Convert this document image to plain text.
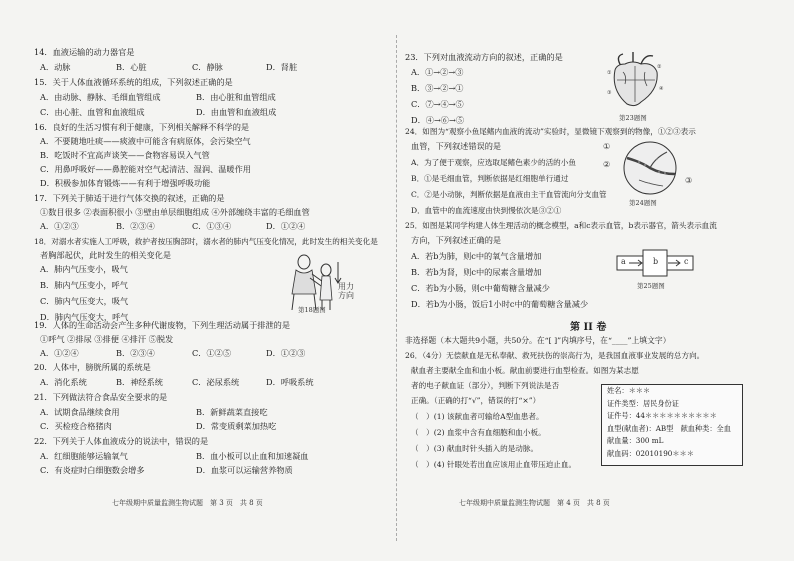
14．血液运输的动力器官是
A．动脉	B．心脏	C．静脉	D．肾脏
15．关于人体血液循环系统的组成，下列叙述正确的是
A．由动脉、静脉、毛细血管组成	B．由心脏和血管组成
C．由心脏、血管和血液组成	D．由血管和血液组成
16．良好的生活习惯有利于健康，下列相关解释不科学的是
A．不要随地吐痰——痰液中可能含有病原体，会污染空气
B．吃饭时不宜高声谈笑——食物容易误入气管
C．用鼻呼吸好——鼻腔能对空气起清洁、湿润、温暖作用
D．积极参加体育锻炼——有利于增强呼吸功能
17．下列关于肺适于进行气体交换的叙述，正确的是
①数目很多 ②表面积很小 ③壁由单层细胞组成 ④外部缠绕丰富的毛细血管
A．①②③	B．②③④	C．①③④	D．①②④
18．对溺水者实施人工呼吸，救护者按压胸部时，溺水者的肺内气压变化情况，此时发生的相关变化是
者胸部起伏，此时发生的相关变化是
A．肺内气压变小，吸气
B．肺内气压变小，呼气
C．肺内气压变大，吸气
D．肺内气压变大，呼气
用力
方向
第18题图
19．人体的生命活动会产生多种代谢废物，下列生理活动属于排泄的是
①呼气 ②排尿 ③排便 ④排汗 ⑤脱发
A．①②④	B．②③④	C．①②⑤	D．①②③
20．人体中，膀胱所属的系统是
A．消化系统	B．神经系统	C．泌尿系统	D．呼吸系统
21．下列做法符合食品安全要求的是
A．试期食品继续食用	B．新鲜蔬菜直接吃
C．买检疫合格猪肉	D．常变质剩菜加热吃
22．下列关于人体血液成分的说法中，错误的是
A．红细胞能够运输氧气	B．血小板可以止血和加速凝血
C．有炎症时白细胞数会增多	D．血浆可以运输营养物质
七年级期中质量监测生物试题　第 3 页　共 8 页
23．下列对血液流动方向的叙述，正确的是
A．①→②→③
B．③→②→①
C．⑦→④→⑤
D．④→⑥→⑤
①
②
③
④
第23题图
24．如图为“观察小鱼尾鳍内血液的流动”实验时，显微镜下观察到的物像，①②③表示
血管，下列叙述错误的是
A．为了便于观察，应选取尾鳍色素少的活的小鱼
B．①是毛细血管，判断依据是红细胞单行通过
C．②是小动脉，判断依据是血液由主干血管流向分支血管
D．血管中的血流速度由快到慢依次是③②①
①
②
③
第24题图
25．如图是某同学构建人体生理活动的概念模型，a和c表示血管，b表示器官，箭头表示血流
方向，下列叙述正确的是
A．若b为肺，则c中的氧气含量增加
B．若b为肾，则c中的尿素含量增加
C．若b为小肠，则c中葡萄糖含量减少
D．若b为小肠，饭后1小时c中的葡萄糖含量减少
a	b	c
第25题图
第 II 卷
非选择题（本大题共9小题，共50分。在“[ ]”内填序号，在“____”上填文字）
26．（4分）无偿献血是无私奉献、救死扶伤的崇高行为，是我国血液事业发展的总方向。
献血者主要献全血和血小板。献血前要进行血型检查。如图为某志愿
者的电子献血证（部分），判断下列说法是否
正确。（正确的打“√”，错误的打“×”）
（　）(1) 该献血者可输给A型血患者。
（　）(2) 血浆中含有血细胞和血小板。
（　）(3) 献血时针头插入的是动脉。
（　）(4) 针眼处若出血应该用止血带压迫止血。
姓名：＊＊＊
证件类型：居民身份证
证件号：44＊＊＊＊＊＊＊＊＊＊
血型(献血者)：AB型　献血种类：全血
献血量：300 mL
献血码：02010190＊＊＊
七年级期中质量监测生物试题　第 4 页　共 8 页
